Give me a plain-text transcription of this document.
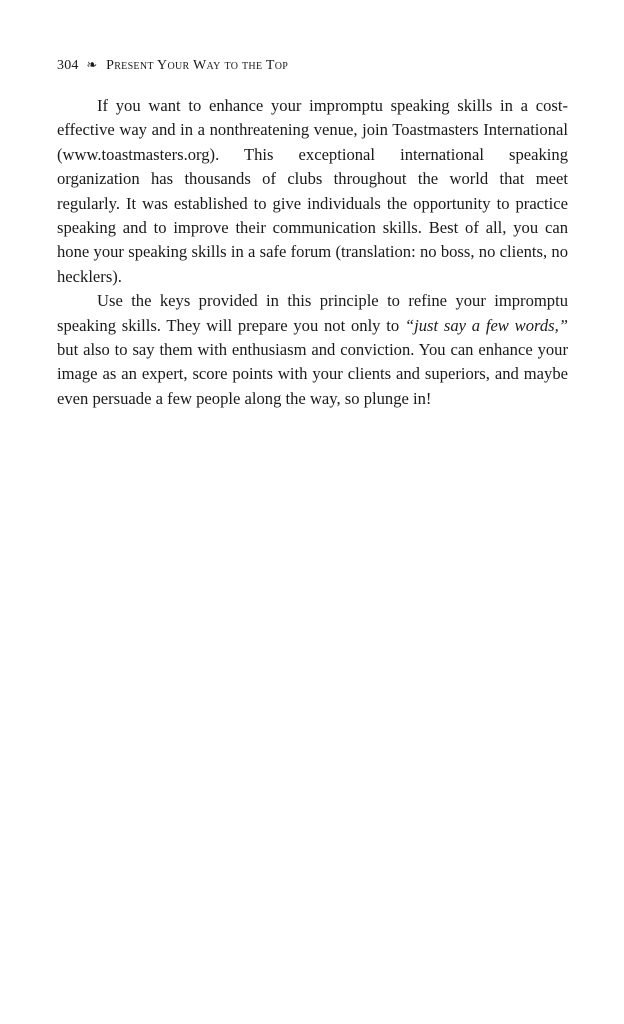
304 ❧ Present Your Way to the Top

If you want to enhance your impromptu speaking skills in a cost-effective way and in a nonthreatening venue, join Toastmasters International (www.toastmasters.org). This exceptional international speaking organization has thousands of clubs throughout the world that meet regularly. It was established to give individuals the opportunity to practice speaking and to improve their communication skills. Best of all, you can hone your speaking skills in a safe forum (translation: no boss, no clients, no hecklers).

Use the keys provided in this principle to refine your impromptu speaking skills. They will prepare you not only to “just say a few words,” but also to say them with enthusiasm and conviction. You can enhance your image as an expert, score points with your clients and superiors, and maybe even persuade a few people along the way, so plunge in!
